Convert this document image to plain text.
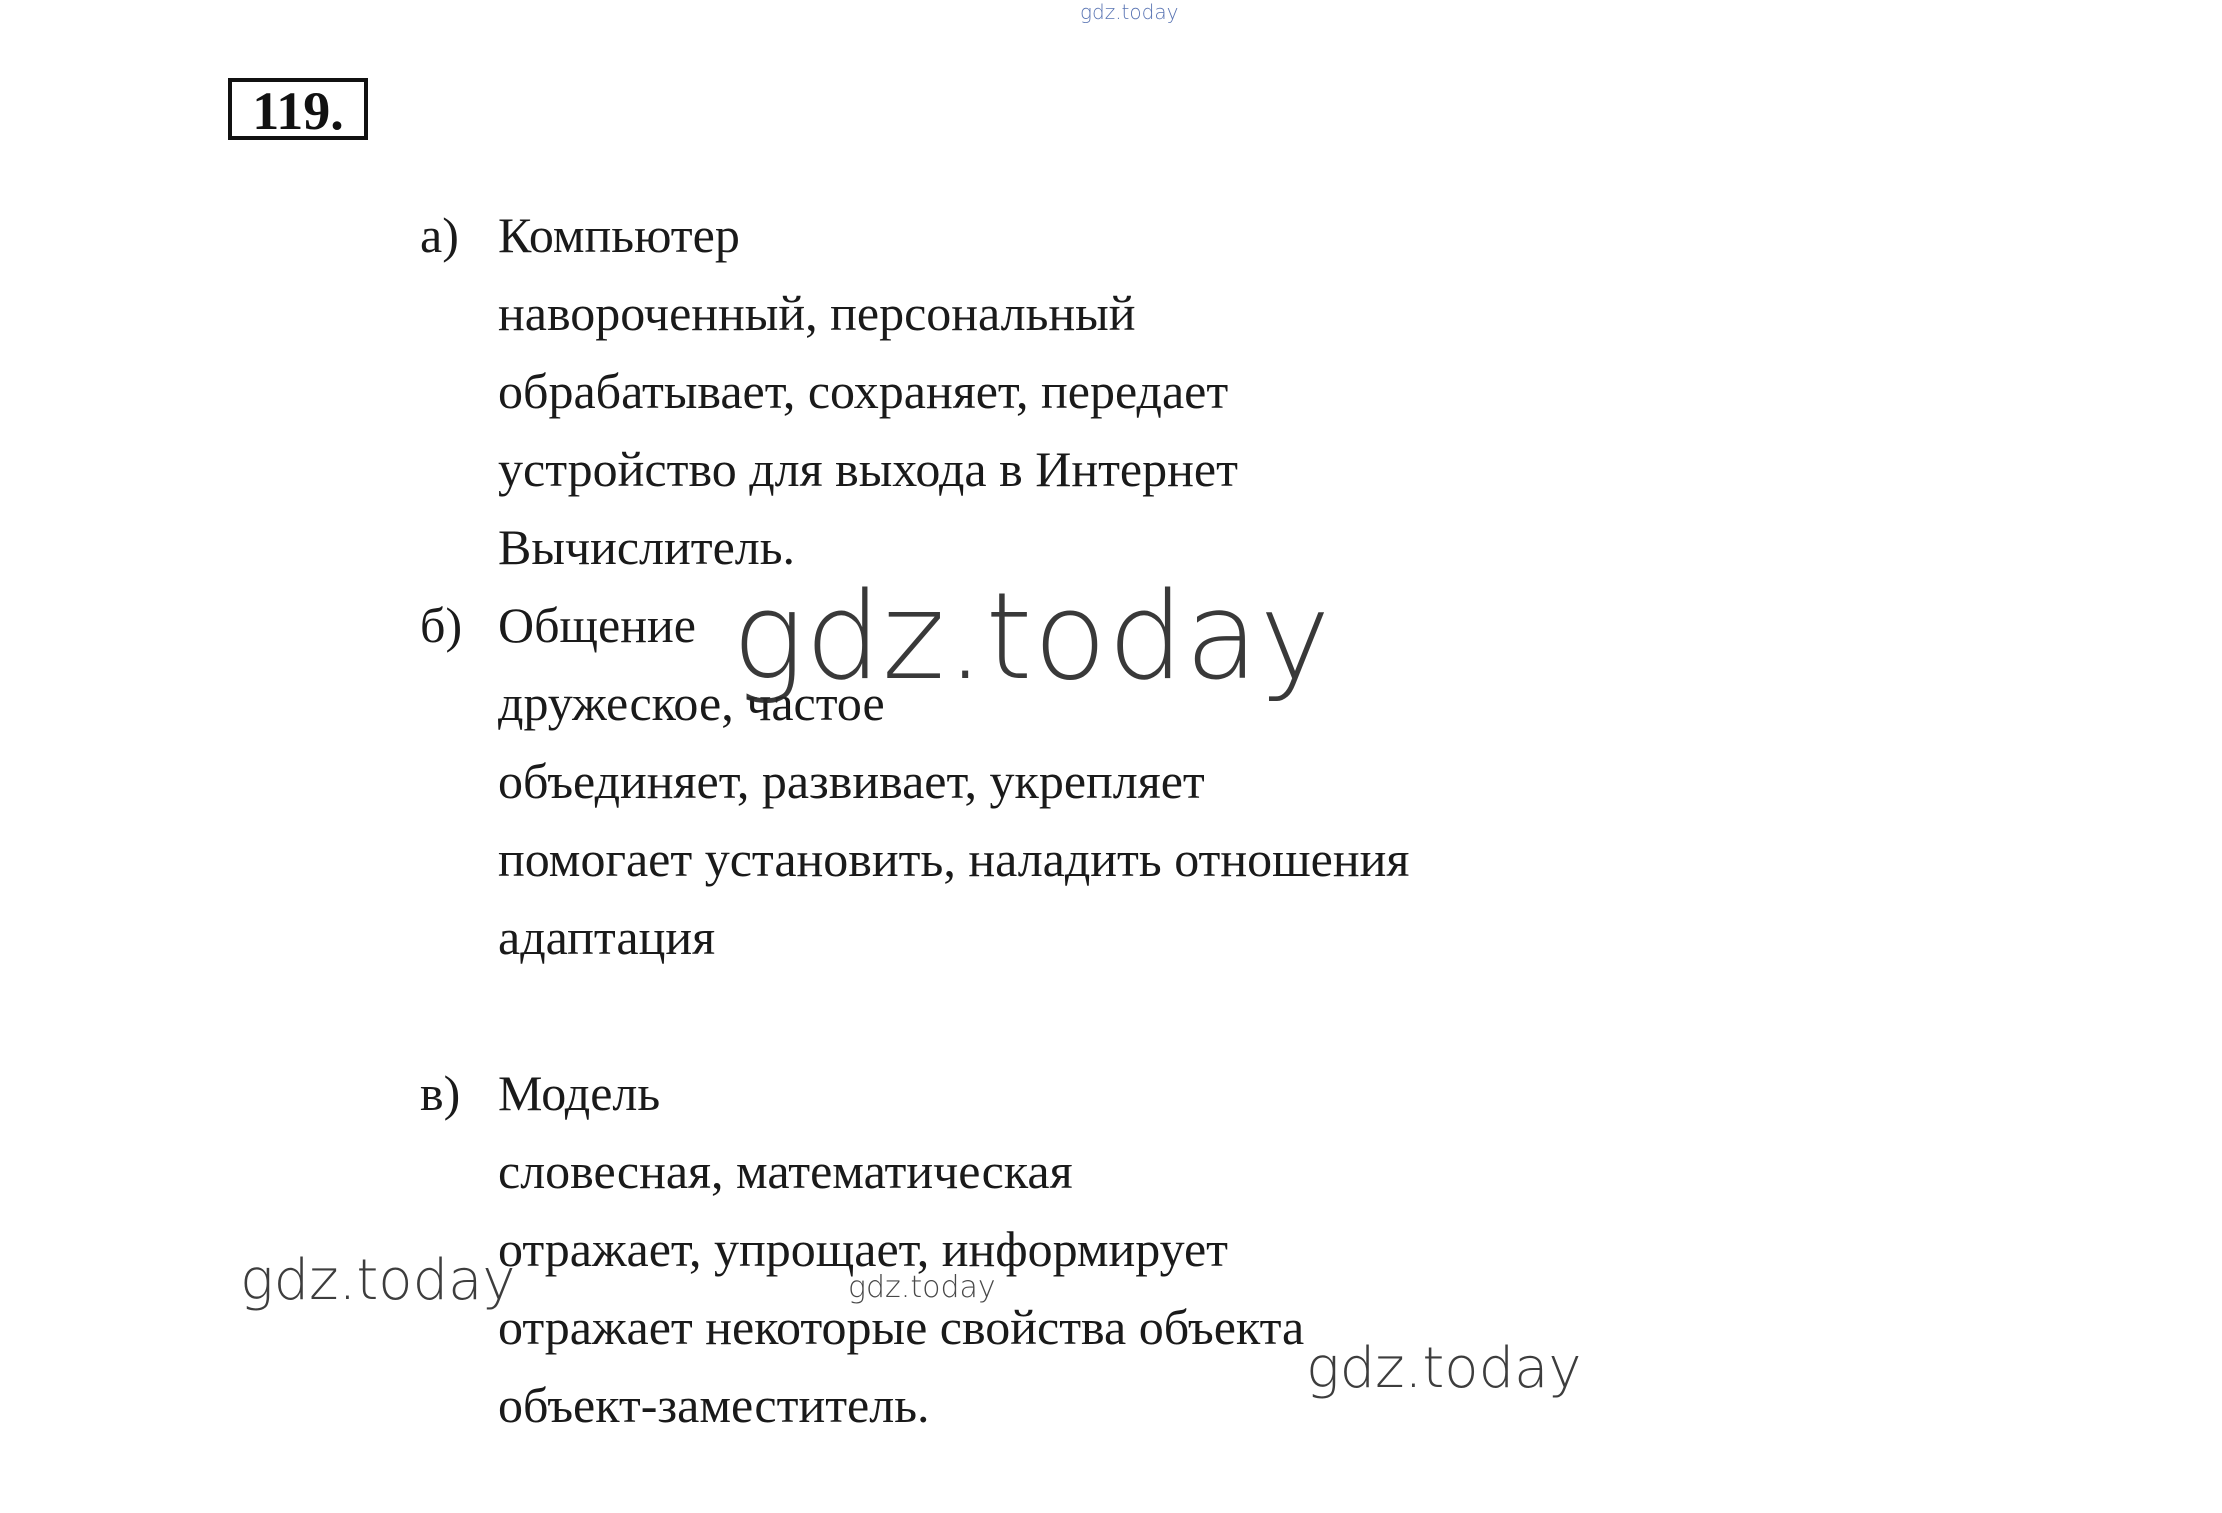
119.
а) Компьютер
навороченный, персональный
обрабатывает, сохраняет, передает
устройство для выхода в Интернет
Вычислитель.
б) Общение
дружеское, частое
объединяет, развивает, укрепляет
помогает установить, наладить отношения
адаптация
в) Модель
словесная, математическая
отражает, упрощает, информирует
отражает некоторые свойства объекта
объект-заместитель.
gdz.today
gdz.today
gdz.today	gdz.today
gdz.today
